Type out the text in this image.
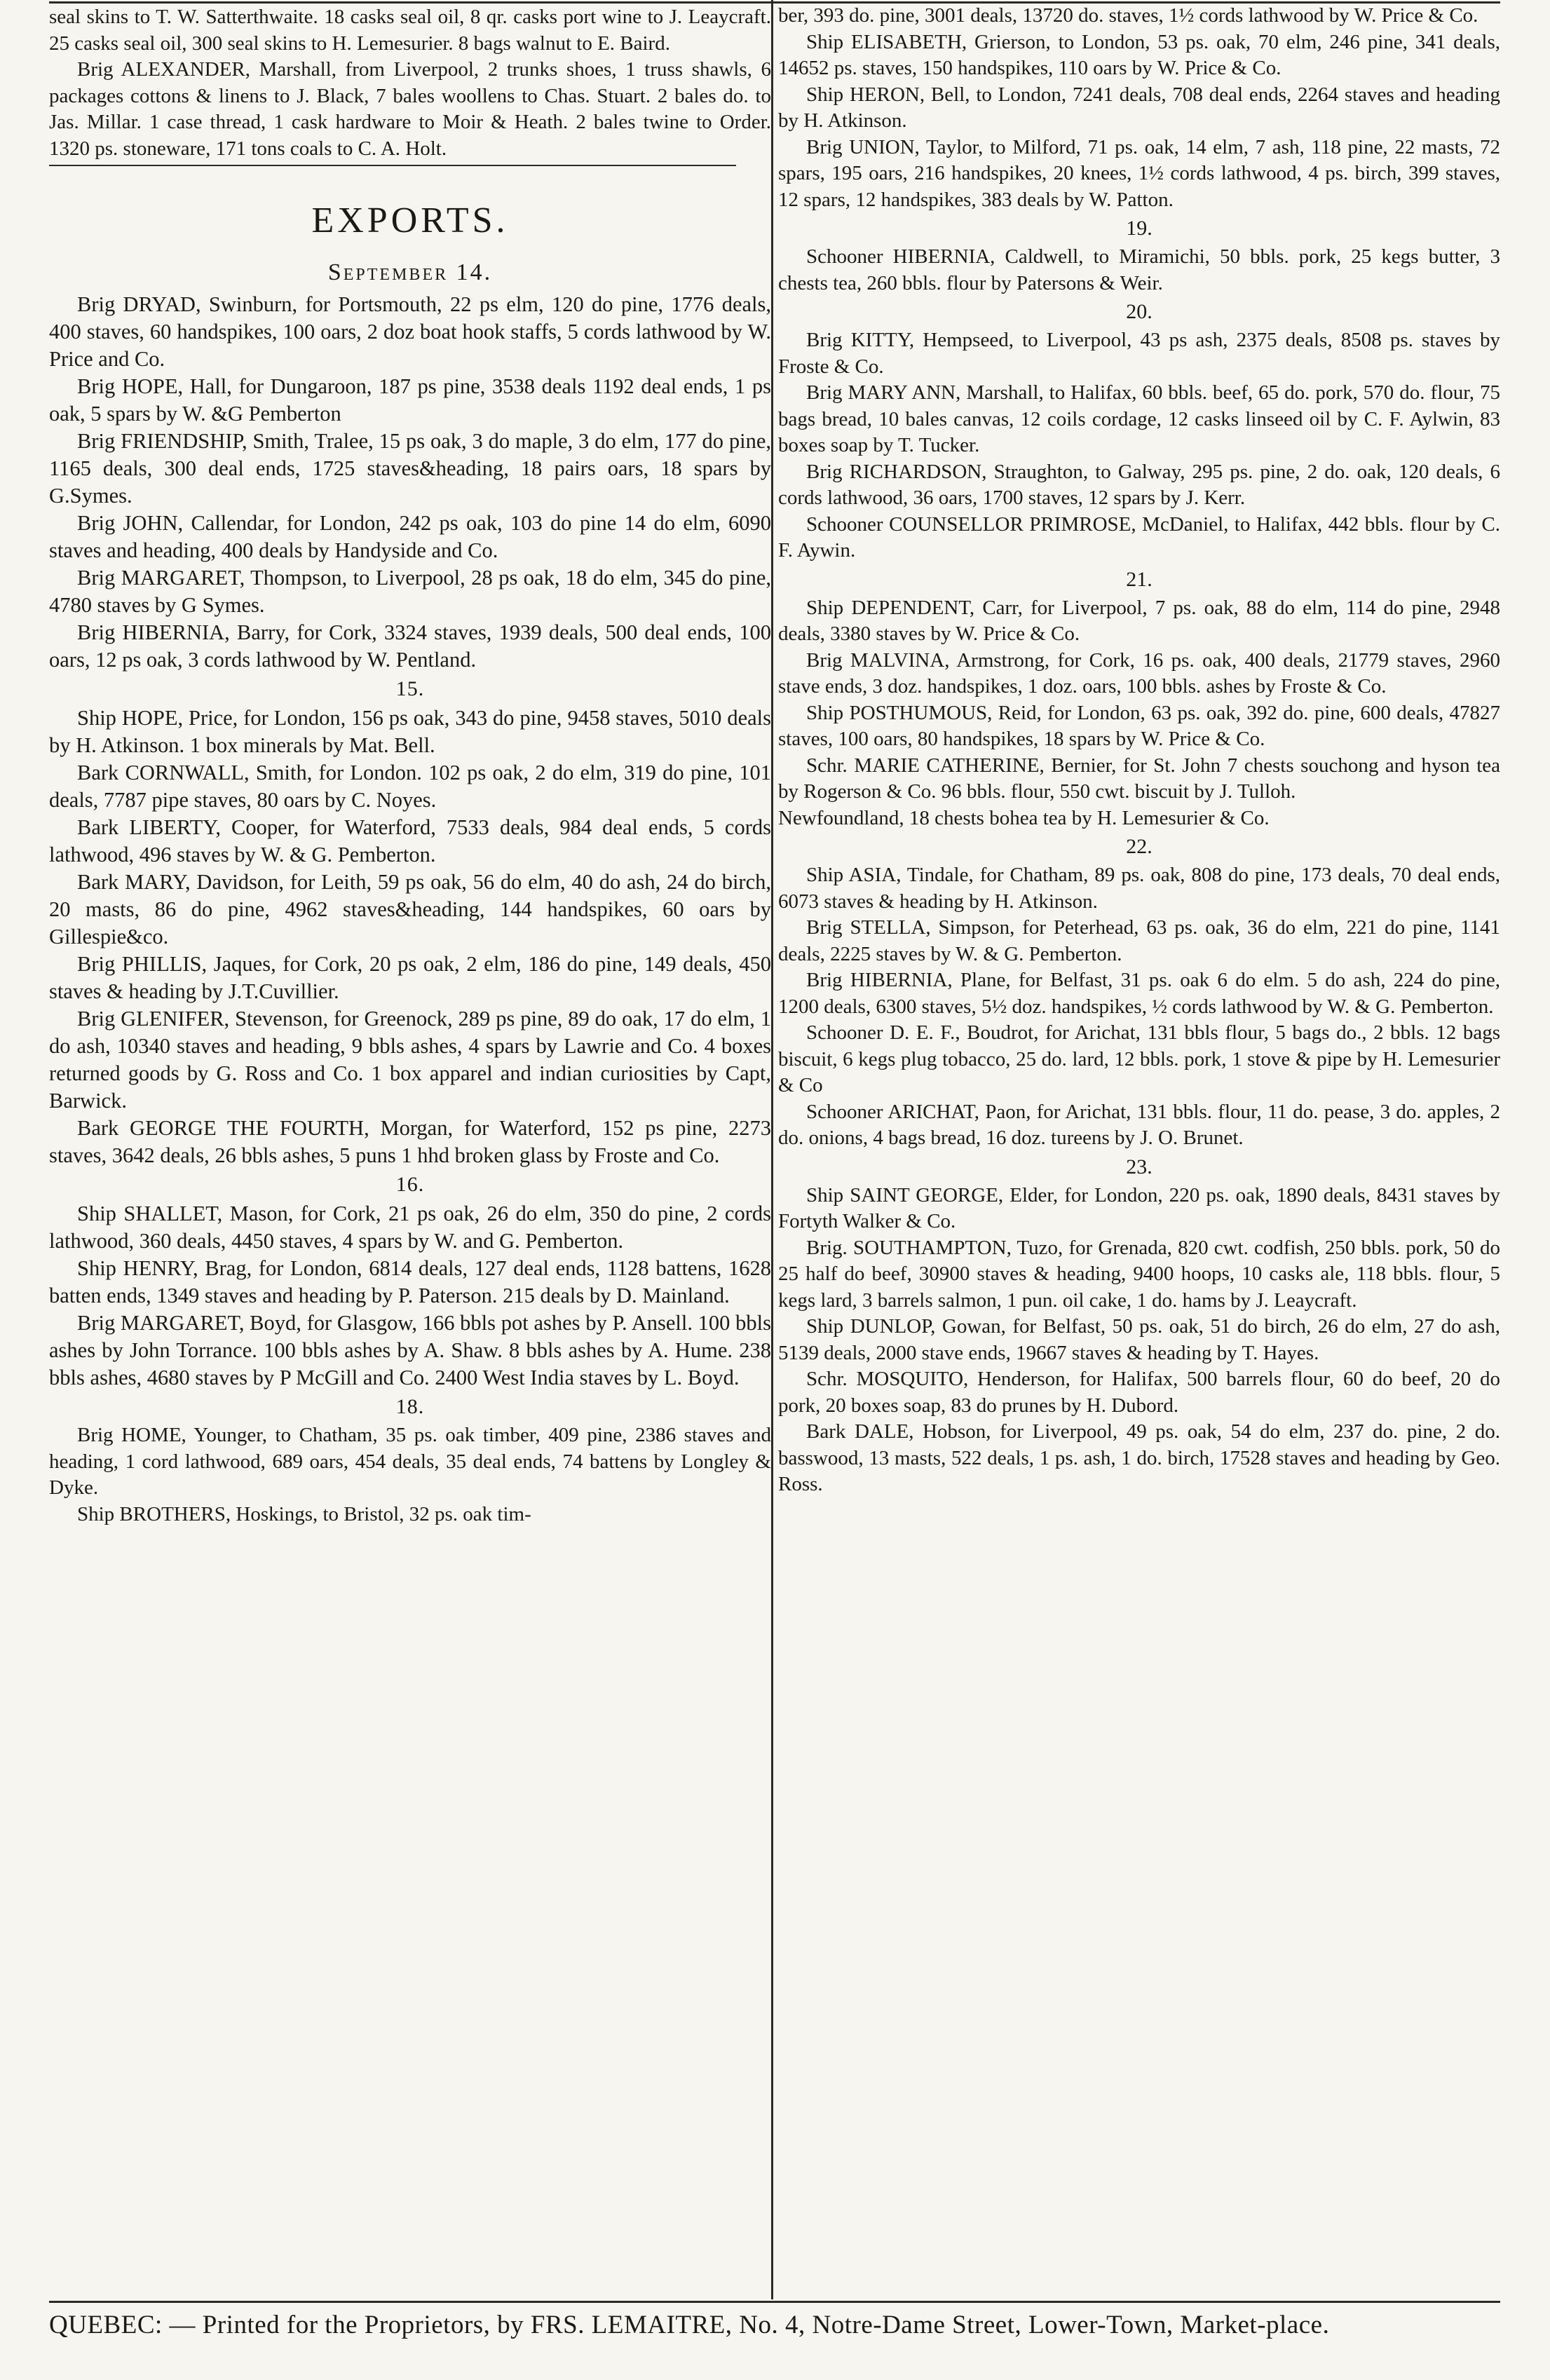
seal skins to T. W. Satterthwaite. 18 casks seal oil, 8 qr. casks port wine to J. Leaycraft. 25 casks seal oil, 300 seal skins to H. Lemesurier. 8 bags walnut to E. Baird.

Brig ALEXANDER, Marshall, from Liverpool, 2 trunks shoes, 1 truss shawls, 6 packages cottons & linens to J. Black, 7 bales woollens to Chas. Stuart. 2 bales do. to Jas. Millar. 1 case thread, 1 cask hardware to Moir & Heath. 2 bales twine to Order. 1320 ps. stoneware, 171 tons coals to C. A. Holt.

EXPORTS.
September 14.

Brig DRYAD, Swinburn, for Portsmouth, 22 ps elm, 120 do pine, 1776 deals, 400 staves, 60 handspikes, 100 oars, 2 doz boat hook staffs, 5 cords lathwood by W. Price and Co.

Brig HOPE, Hall, for Dungaroon, 187 ps pine, 3538 deals 1192 deal ends, 1 ps oak, 5 spars by W. &G Pemberton

Brig FRIENDSHIP, Smith, Tralee, 15 ps oak, 3 do maple, 3 do elm, 177 do pine, 1165 deals, 300 deal ends, 1725 staves&heading, 18 pairs oars, 18 spars by G.Symes.

Brig JOHN, Callendar, for London, 242 ps oak, 103 do pine 14 do elm, 6090 staves and heading, 400 deals by Handyside and Co.

Brig MARGARET, Thompson, to Liverpool, 28 ps oak, 18 do elm, 345 do pine, 4780 staves by G Symes.

Brig HIBERNIA, Barry, for Cork, 3324 staves, 1939 deals, 500 deal ends, 100 oars, 12 ps oak, 3 cords lathwood by W. Pentland.

15.

Ship HOPE, Price, for London, 156 ps oak, 343 do pine, 9458 staves, 5010 deals by H. Atkinson. 1 box minerals by Mat. Bell.

Bark CORNWALL, Smith, for London. 102 ps oak, 2 do elm, 319 do pine, 101 deals, 7787 pipe staves, 80 oars by C. Noyes.

Bark LIBERTY, Cooper, for Waterford, 7533 deals, 984 deal ends, 5 cords lathwood, 496 staves by W. & G. Pemberton.

Bark MARY, Davidson, for Leith, 59 ps oak, 56 do elm, 40 do ash, 24 do birch, 20 masts, 86 do pine, 4962 staves&heading, 144 handspikes, 60 oars by Gillespie&co.

Brig PHILLIS, Jaques, for Cork, 20 ps oak, 2 elm, 186 do pine, 149 deals, 450 staves & heading by J.T.Cuvillier.

Brig GLENIFER, Stevenson, for Greenock, 289 ps pine, 89 do oak, 17 do elm, 1 do ash, 10340 staves and heading, 9 bbls ashes, 4 spars by Lawrie and Co. 4 boxes returned goods by G. Ross and Co. 1 box apparel and indian curiosities by Capt, Barwick.

Bark GEORGE THE FOURTH, Morgan, for Waterford, 152 ps pine, 2273 staves, 3642 deals, 26 bbls ashes, 5 puns 1 hhd broken glass by Froste and Co.

16.

Ship SHALLET, Mason, for Cork, 21 ps oak, 26 do elm, 350 do pine, 2 cords lathwood, 360 deals, 4450 staves, 4 spars by W. and G. Pemberton.

Ship HENRY, Brag, for London, 6814 deals, 127 deal ends, 1128 battens, 1628 batten ends, 1349 staves and heading by P. Paterson. 215 deals by D. Mainland.

Brig MARGARET, Boyd, for Glasgow, 166 bbls pot ashes by P. Ansell. 100 bbls ashes by John Torrance. 100 bbls ashes by A. Shaw. 8 bbls ashes by A. Hume. 238 bbls ashes, 4680 staves by P McGill and Co. 2400 West India staves by L. Boyd.

18.

Brig HOME, Younger, to Chatham, 35 ps. oak timber, 409 pine, 2386 staves and heading, 1 cord lathwood, 689 oars, 454 deals, 35 deal ends, 74 battens by Longley & Dyke.

Ship BROTHERS, Hoskings, to Bristol, 32 ps. oak tim-

ber, 393 do. pine, 3001 deals, 13720 do. staves, 1½ cords lathwood by W. Price & Co.

Ship ELISABETH, Grierson, to London, 53 ps. oak, 70 elm, 246 pine, 341 deals, 14652 ps. staves, 150 handspikes, 110 oars by W. Price & Co.

Ship HERON, Bell, to London, 7241 deals, 708 deal ends, 2264 staves and heading by H. Atkinson.

Brig UNION, Taylor, to Milford, 71 ps. oak, 14 elm, 7 ash, 118 pine, 22 masts, 72 spars, 195 oars, 216 handspikes, 20 knees, 1½ cords lathwood, 4 ps. birch, 399 staves, 12 spars, 12 handspikes, 383 deals by W. Patton.

19.

Schooner HIBERNIA, Caldwell, to Miramichi, 50 bbls. pork, 25 kegs butter, 3 chests tea, 260 bbls. flour by Patersons & Weir.

20.

Brig KITTY, Hempseed, to Liverpool, 43 ps ash, 2375 deals, 8508 ps. staves by Froste & Co.

Brig MARY ANN, Marshall, to Halifax, 60 bbls. beef, 65 do. pork, 570 do. flour, 75 bags bread, 10 bales canvas, 12 coils cordage, 12 casks linseed oil by C. F. Aylwin, 83 boxes soap by T. Tucker.

Brig RICHARDSON, Straughton, to Galway, 295 ps. pine, 2 do. oak, 120 deals, 6 cords lathwood, 36 oars, 1700 staves, 12 spars by J. Kerr.

Schooner COUNSELLOR PRIMROSE, McDaniel, to Halifax, 442 bbls. flour by C. F. Aywin.

21.

Ship DEPENDENT, Carr, for Liverpool, 7 ps. oak, 88 do elm, 114 do pine, 2948 deals, 3380 staves by W. Price & Co.

Brig MALVINA, Armstrong, for Cork, 16 ps. oak, 400 deals, 21779 staves, 2960 stave ends, 3 doz. handspikes, 1 doz. oars, 100 bbls. ashes by Froste & Co.

Ship POSTHUMOUS, Reid, for London, 63 ps. oak, 392 do. pine, 600 deals, 47827 staves, 100 oars, 80 handspikes, 18 spars by W. Price & Co.

Schr. MARIE CATHERINE, Bernier, for St. John 7 chests souchong and hyson tea by Rogerson & Co. 96 bbls. flour, 550 cwt. biscuit by J. Tulloh.

Newfoundland, 18 chests bohea tea by H. Lemesurier & Co.

22.

Ship ASIA, Tindale, for Chatham, 89 ps. oak, 808 do pine, 173 deals, 70 deal ends, 6073 staves & heading by H. Atkinson.

Brig STELLA, Simpson, for Peterhead, 63 ps. oak, 36 do elm, 221 do pine, 1141 deals, 2225 staves by W. & G. Pemberton.

Brig HIBERNIA, Plane, for Belfast, 31 ps. oak 6 do elm. 5 do ash, 224 do pine, 1200 deals, 6300 staves, 5½ doz. handspikes, ½ cords lathwood by W. & G. Pemberton.

Schooner D. E. F., Boudrot, for Arichat, 131 bbls flour, 5 bags do., 2 bbls. 12 bags biscuit, 6 kegs plug tobacco, 25 do. lard, 12 bbls. pork, 1 stove & pipe by H. Lemesurier & Co

Schooner ARICHAT, Paon, for Arichat, 131 bbls. flour, 11 do. pease, 3 do. apples, 2 do. onions, 4 bags bread, 16 doz. tureens by J. O. Brunet.

23.

Ship SAINT GEORGE, Elder, for London, 220 ps. oak, 1890 deals, 8431 staves by Fortyth Walker & Co.

Brig. SOUTHAMPTON, Tuzo, for Grenada, 820 cwt. codfish, 250 bbls. pork, 50 do 25 half do beef, 30900 staves & heading, 9400 hoops, 10 casks ale, 118 bbls. flour, 5 kegs lard, 3 barrels salmon, 1 pun. oil cake, 1 do. hams by J. Leaycraft.

Ship DUNLOP, Gowan, for Belfast, 50 ps. oak, 51 do birch, 26 do elm, 27 do ash, 5139 deals, 2000 stave ends, 19667 staves & heading by T. Hayes.

Schr. MOSQUITO, Henderson, for Halifax, 500 barrels flour, 60 do beef, 20 do pork, 20 boxes soap, 83 do prunes by H. Dubord.

Bark DALE, Hobson, for Liverpool, 49 ps. oak, 54 do elm, 237 do. pine, 2 do. basswood, 13 masts, 522 deals, 1 ps. ash, 1 do. birch, 17528 staves and heading by Geo. Ross.

QUEBEC: — Printed for the Proprietors, by FRS. LEMAITRE, No. 4, Notre-Dame Street, Lower-Town, Market-place.
